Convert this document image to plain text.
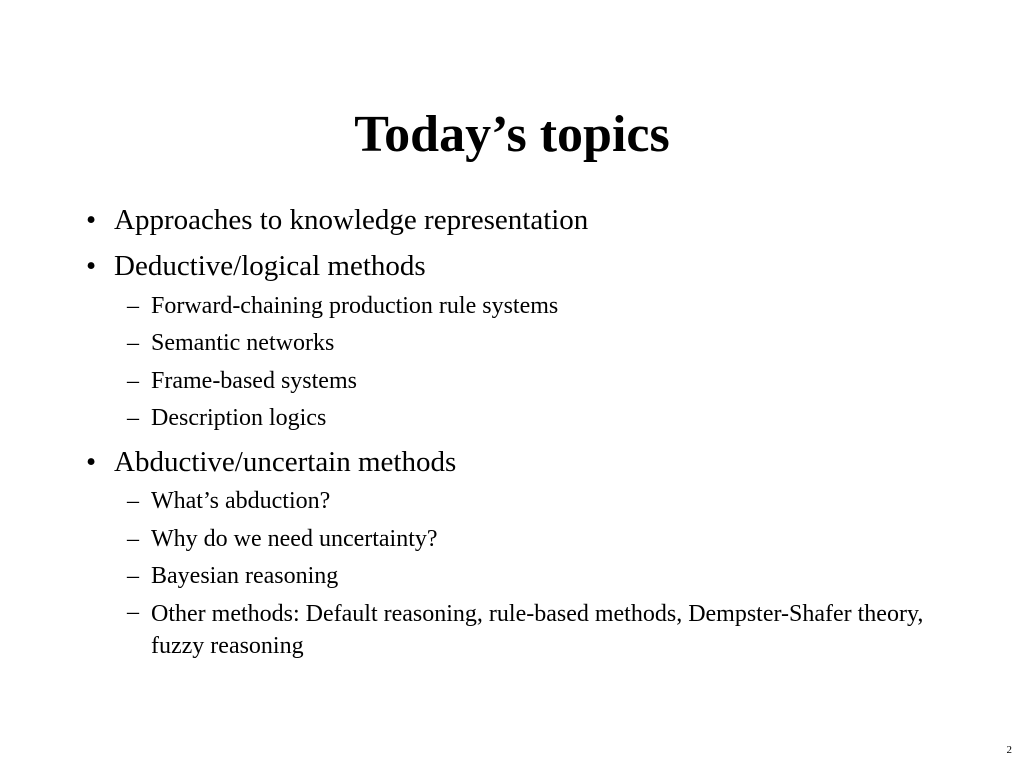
Today’s topics
• Approaches to knowledge representation
• Deductive/logical methods
– Forward-chaining production rule systems
– Semantic networks
– Frame-based systems
– Description logics
• Abductive/uncertain methods
– What’s abduction?
– Why do we need uncertainty?
– Bayesian reasoning
– Other methods: Default reasoning, rule-based methods, Dempster-Shafer theory, fuzzy reasoning
2
